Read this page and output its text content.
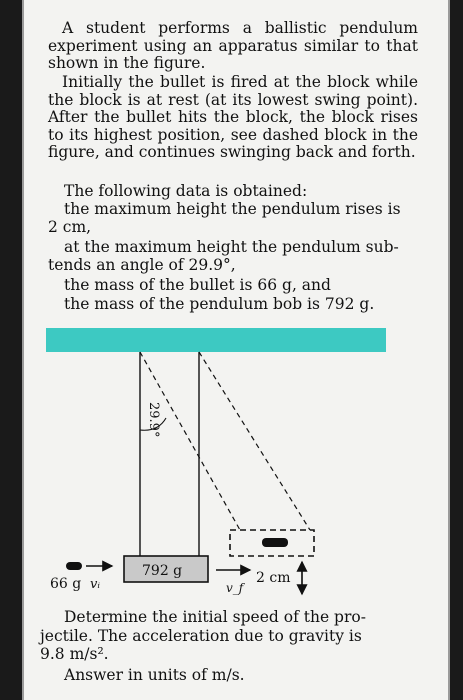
A student performs a ballistic pendulum experiment using an apparatus similar to that shown in the figure.
Initially the bullet is fired at the block while the block is at rest (at its lowest swing point). After the bullet hits the block, the block rises to its highest position, see dashed block in the figure, and continues swinging back and forth.
The following data is obtained:
the maximum height the pendulum rises is
2 cm,
at the maximum height the pendulum sub-
tends an angle of 29.9°,
the mass of the bullet is 66 g, and
the mass of the pendulum bob is 792 g.
Determine the initial speed of the pro-
jectile. The acceleration due to gravity is
9.8 m/s².
Answer in units of m/s.
29.9°
792 g
66 g vᵢ	v_f
2 cm
